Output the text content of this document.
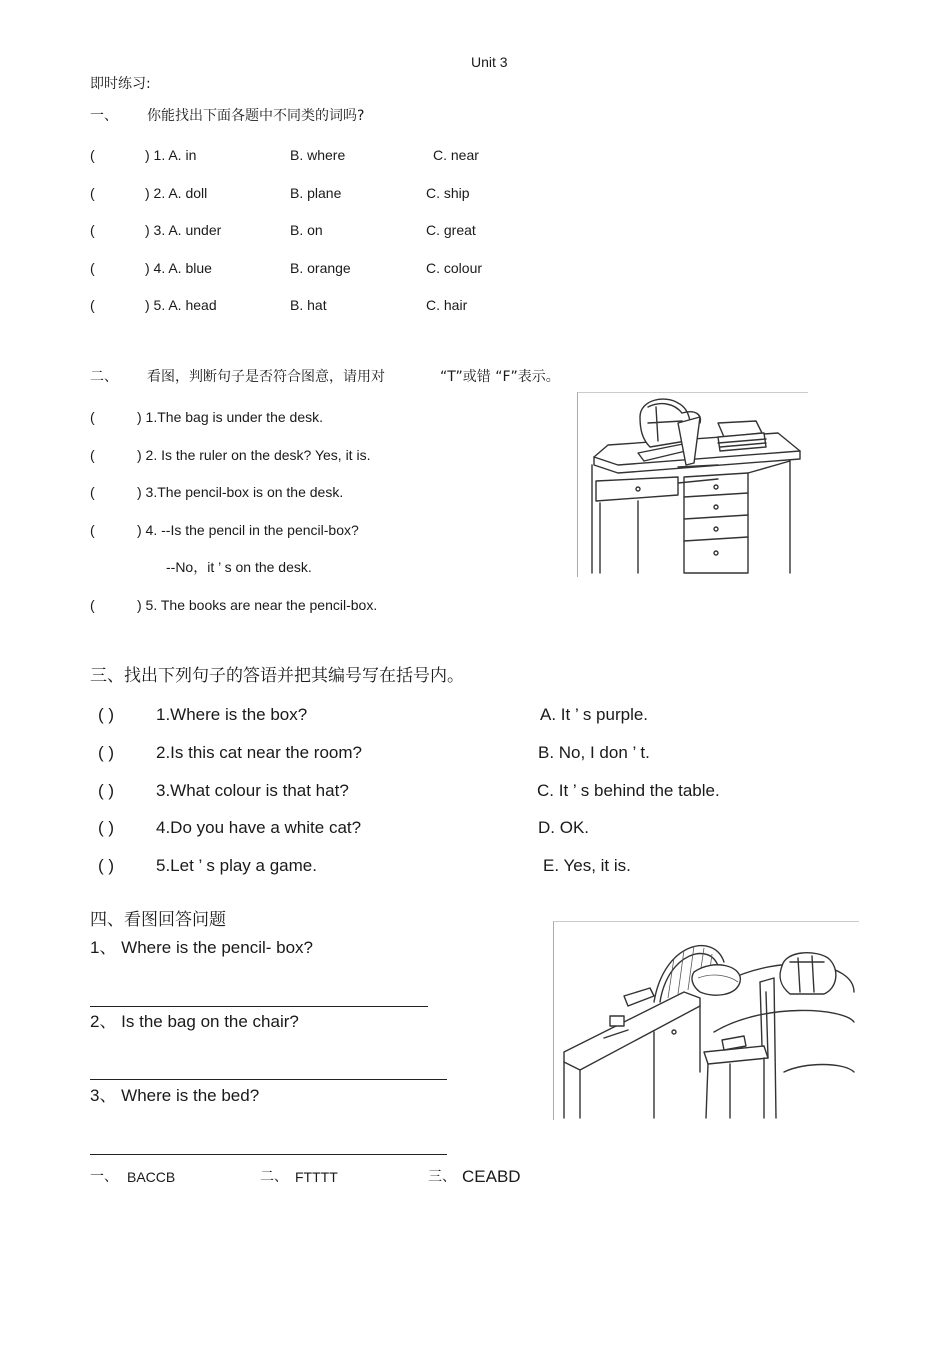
Unit 3
即时练习:
一、 你能找出下面各题中不同类的词吗?
(	) 1. A. in	B. where	C. near
(	) 2. A. doll	B. plane	C. ship
(	) 3. A. under	B. on	C. great
(	) 4. A. blue	B. orange	C. colour
(	) 5. A. head	B. hat	C. hair
二、 看图，判断句子是否符合图意，请用对	“T”或错 “F”表示。
(	) 1.The bag is under the desk.
(	) 2. Is the ruler on the desk? Yes, it is.
(	) 3.The pencil-box is on the desk.
(	) 4. --Is the pencil in the pencil-box?
--No，it ’ s on the desk.
(	) 5. The books are near the pencil-box.
三、找出下列句子的答语并把其编号写在括号内。
( ) 1.Where is the box?	A. It ’ s purple.
( ) 2.Is this cat near the room?	B. No, I don ’ t.
( ) 3.What colour is that hat?	C. It ’ s behind the table.
( ) 4.Do you have a white cat?	D. OK.
( ) 5.Let ’ s play a game.	E. Yes, it is.
四、看图回答问题
1、 Where is the pencil- box?
2、 Is the bag on the chair?
3、 Where is the bed?
一、 BACCB	二、 FTTTT	三、 CEABD
